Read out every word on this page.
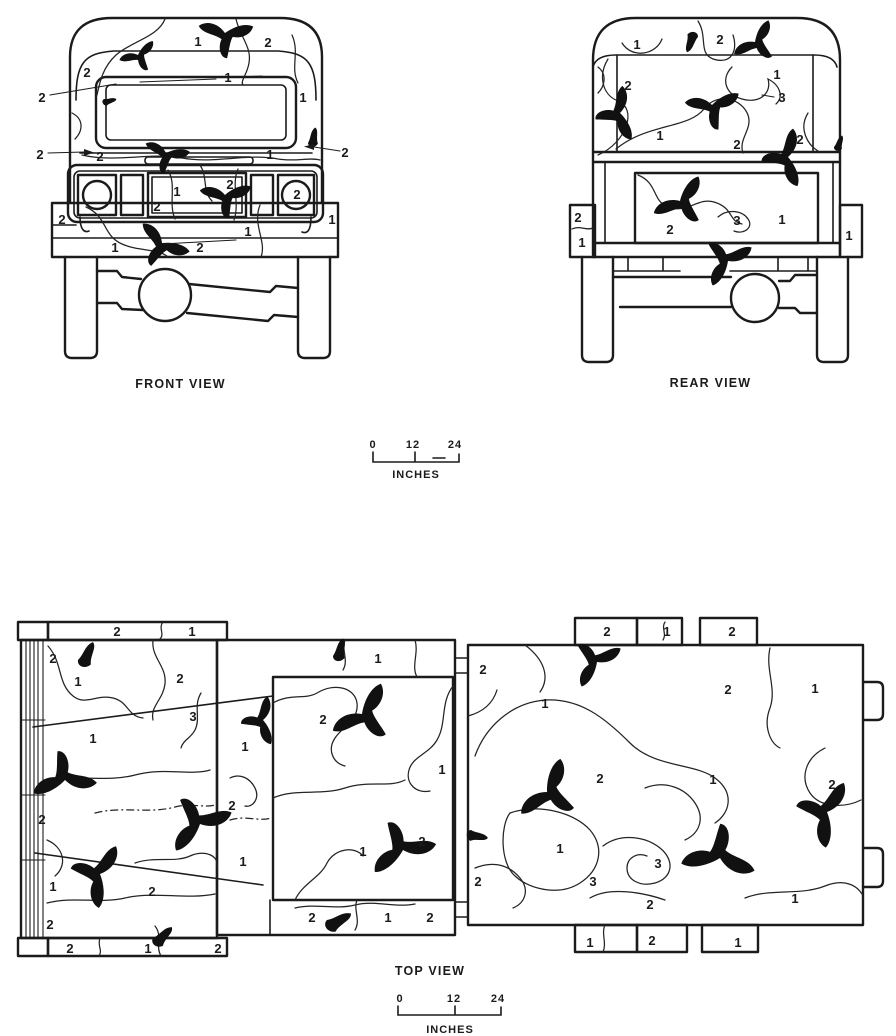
1	2
2	1
2	1
2	2
2	1
1	2
2
2
2	1
1
1	2
FRONT VIEW
1	2
1
3
2
1
2	2
2
1
2
3	1
1
REAR VIEW
0	12	24
INCHES
2	1
2
1	2
3
1
2
1	2
2
2	1	2
1
2
1
1
2
1
1
2
2	1	2
2	1	2
2
1
2	1
2	1	2
1
3
3
2
2	1
1	2	1
TOP VIEW
0	12	24
INCHES
